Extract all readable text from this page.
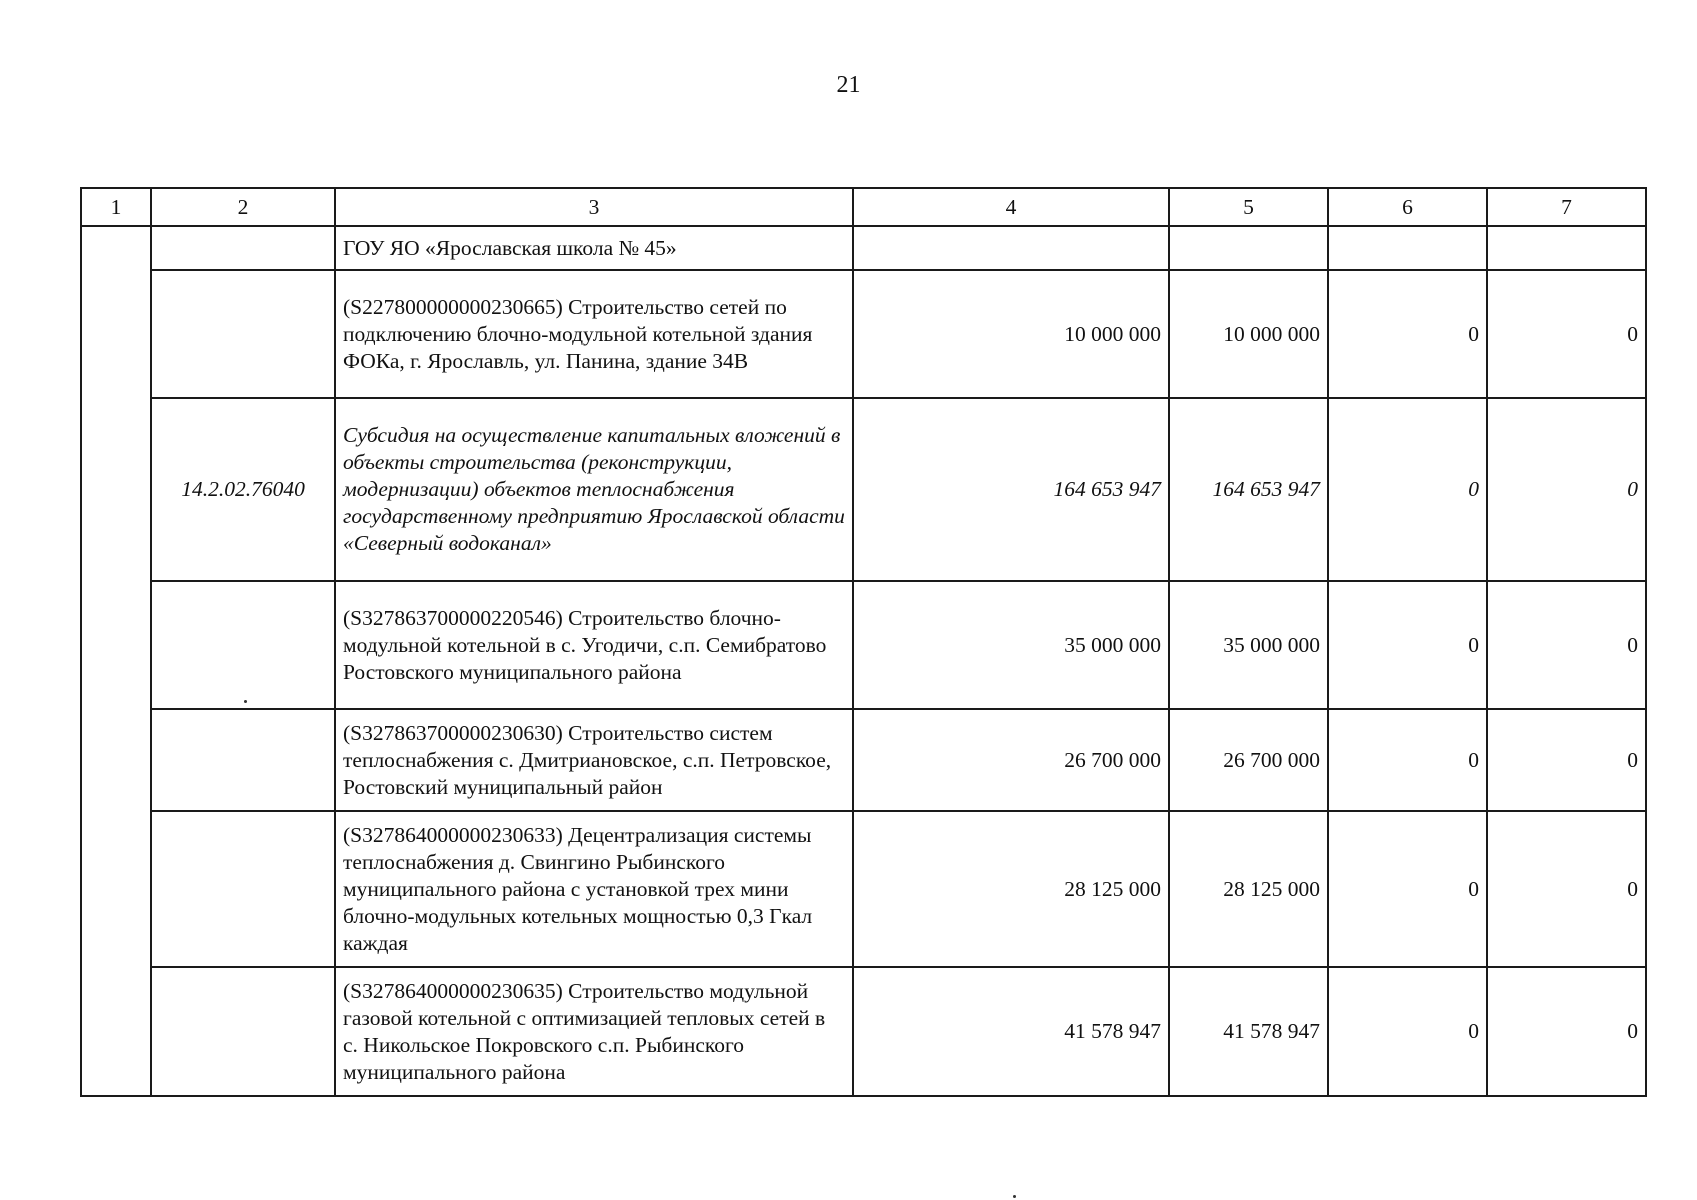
21
1	2	3	4	5	6	7
		ГОУ ЯО «Ярославская школа № 45»				
		(S227800000000230665) Строительство сетей по подключению блочно-модульной котельной здания ФОКа, г. Ярославль, ул. Панина, здание 34В	10 000 000	10 000 000	0	0
	14.2.02.76040	Субсидия на осуществление капитальных вложений в объекты строительства (реконструкции, модернизации) объектов теплоснабжения государственному предприятию Ярославской области «Северный водоканал»	164 653 947	164 653 947	0	0
		(S327863700000220546) Строительство блочно-модульной котельной в с. Угодичи, с.п. Семибратово Ростовского муниципального района	35 000 000	35 000 000	0	0
		(S327863700000230630) Строительство систем теплоснабжения с. Дмитриановское, с.п. Петровское, Ростовский муниципальный район	26 700 000	26 700 000	0	0
		(S327864000000230633) Децентрализация системы теплоснабжения д. Свингино Рыбинского муниципального района с установкой трех мини блочно-модульных котельных мощностью 0,3 Гкал каждая	28 125 000	28 125 000	0	0
		(S327864000000230635) Строительство модульной газовой котельной с оптимизацией тепловых сетей в с. Никольское Покровского с.п. Рыбинского муниципального района	41 578 947	41 578 947	0	0
